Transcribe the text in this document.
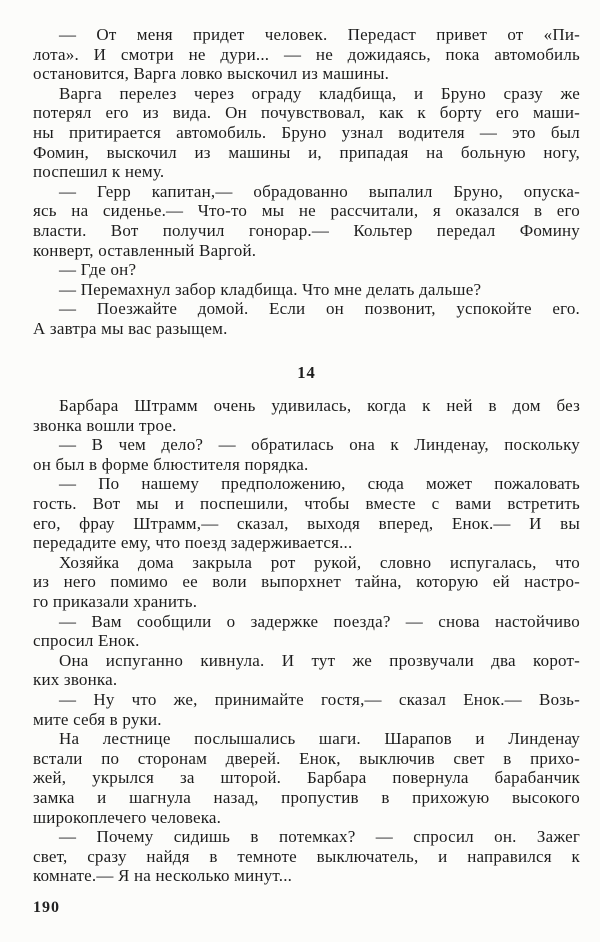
— От меня придет человек. Передаст привет от «Пи-
лота». И смотри не дури... — не дожидаясь, пока автомобиль
остановится, Варга ловко выскочил из машины.
Варга перелез через ограду кладбища, и Бруно сразу же
потерял его из вида. Он почувствовал, как к борту его маши-
ны притирается автомобиль. Бруно узнал водителя — это был
Фомин, выскочил из машины и, припадая на больную ногу,
поспешил к нему.
— Герр капитан,— обрадованно выпалил Бруно, опуска-
ясь на сиденье.— Что-то мы не рассчитали, я оказался в его
власти. Вот получил гонорар.— Кольтер передал Фомину
конверт, оставленный Варгой.
— Где он?
— Перемахнул забор кладбища. Что мне делать дальше?
— Поезжайте домой. Если он позвонит, успокойте его.
А завтра мы вас разыщем.
14
Барбара Штрамм очень удивилась, когда к ней в дом без
звонка вошли трое.
— В чем дело? — обратилась она к Линденау, поскольку
он был в форме блюстителя порядка.
— По нашему предположению, сюда может пожаловать
гость. Вот мы и поспешили, чтобы вместе с вами встретить
его, фрау Штрамм,— сказал, выходя вперед, Енок.— И вы
передадите ему, что поезд задерживается...
Хозяйка дома закрыла рот рукой, словно испугалась, что
из него помимо ее воли выпорхнет тайна, которую ей настро-
го приказали хранить.
— Вам сообщили о задержке поезда? — снова настойчиво
спросил Енок.
Она испуганно кивнула. И тут же прозвучали два корот-
ких звонка.
— Ну что же, принимайте гостя,— сказал Енок.— Возь-
мите себя в руки.
На лестнице послышались шаги. Шарапов и Линденау
встали по сторонам дверей. Енок, выключив свет в прихо-
жей, укрылся за шторой. Барбара повернула барабанчик
замка и шагнула назад, пропустив в прихожую высокого
широкоплечего человека.
— Почему сидишь в потемках? — спросил он. Зажег
свет, сразу найдя в темноте выключатель, и направился к
комнате.— Я на несколько минут...
190
